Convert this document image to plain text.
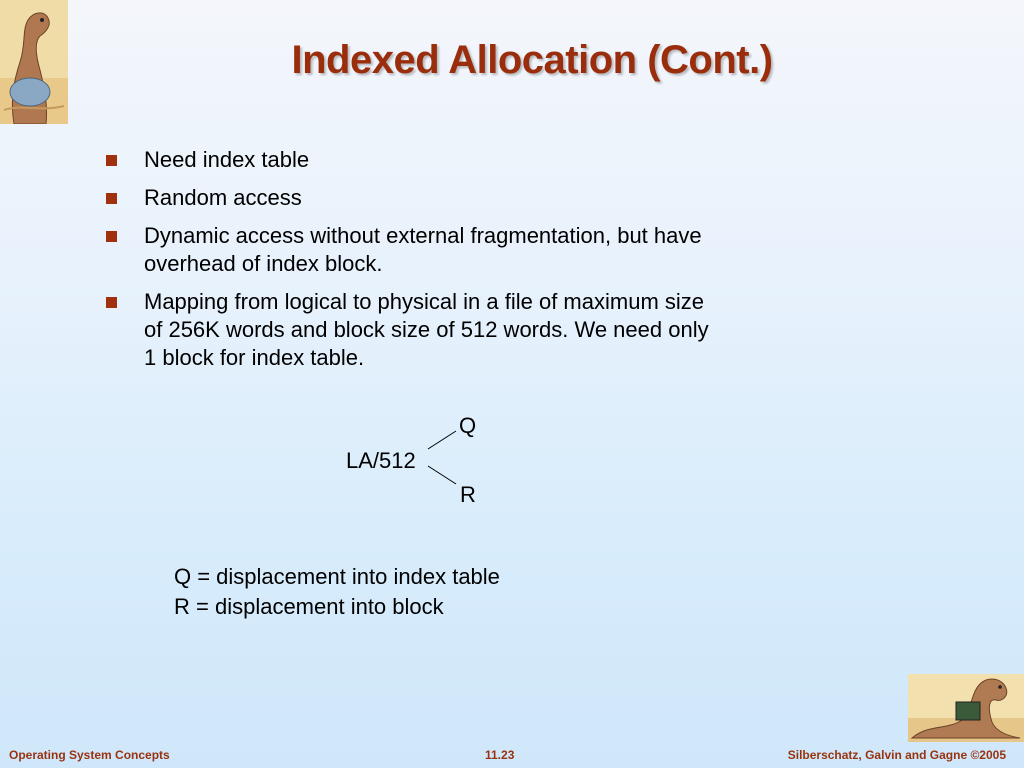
Indexed Allocation (Cont.)
Need index table
Random access
Dynamic access without external fragmentation, but have
overhead of index block.
Mapping from logical to physical in a file of maximum size
of 256K words and block size of 512 words. We need only
1 block for index table.
Q
LA/512
R
Q = displacement into index table
R = displacement into block
Operating System Concepts	11.23	Silberschatz, Galvin and Gagne ©2005
